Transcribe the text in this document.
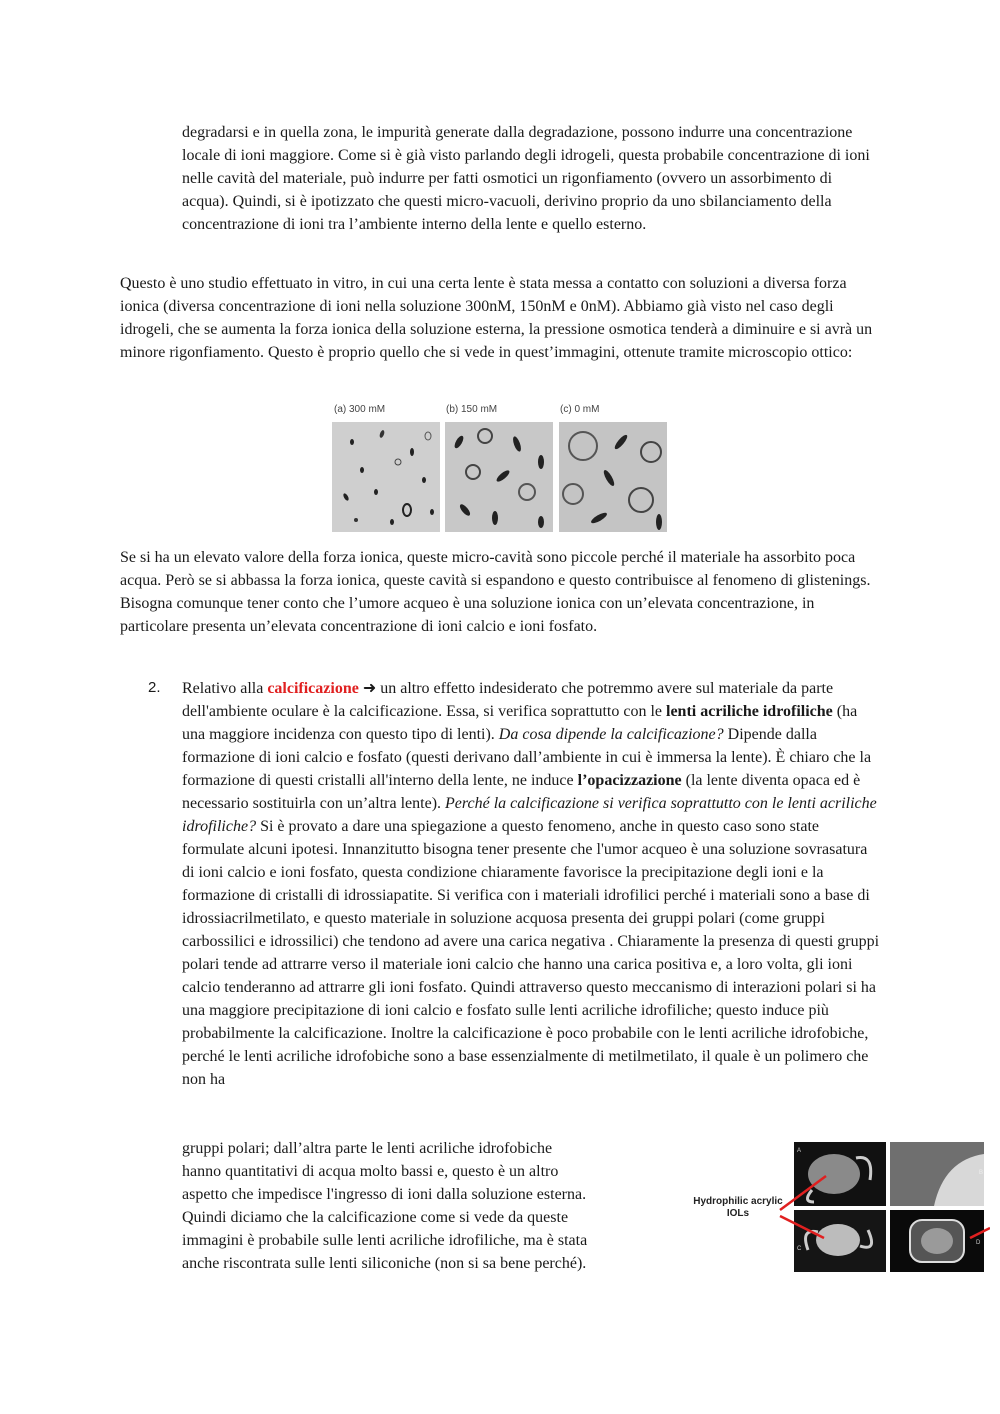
degradarsi e in quella zona, le impurità generate dalla degradazione, possono indurre una concentrazione locale di ioni maggiore. Come si è già visto parlando degli idrogeli, questa probabile concentrazione di ioni nelle cavità del materiale, può indurre per fatti osmotici un rigonfiamento (ovvero un assorbimento di acqua). Quindi, si è ipotizzato che questi micro-vacuoli, derivino proprio da uno sbilanciamento della concentrazione di ioni tra l’ambiente interno della lente e quello esterno.

Questo è uno studio effettuato in vitro, in cui una certa lente è stata messa a contatto con soluzioni a diversa forza ionica (diversa concentrazione di ioni nella soluzione 300nM, 150nM e 0nM). Abbiamo già visto nel caso degli idrogeli, che se aumenta la forza ionica della soluzione esterna, la pressione osmotica tenderà a diminuire e si avrà un minore rigonfiamento. Questo è proprio quello che si vede in quest’immagini, ottenute tramite microscopio ottico:

(a) 300 mM	(b) 150 mM	(c) 0 mM

Se si ha un elevato valore della forza ionica, queste micro-cavità sono piccole perché il materiale ha assorbito poca acqua. Però se si abbassa la forza ionica, queste cavità si espandono e questo contribuisce al fenomeno di glistenings. Bisogna comunque tener conto che l’umore acqueo è una soluzione ionica con un’elevata concentrazione, in particolare presenta un’elevata concentrazione di ioni calcio e ioni fosfato.

2. Relativo alla calcificazione ➜ un altro effetto indesiderato che potremmo avere sul materiale da parte dell'ambiente oculare è la calcificazione. Essa, si verifica soprattutto con le lenti acriliche idrofiliche (ha una maggiore incidenza con questo tipo di lenti). Da cosa dipende la calcificazione? Dipende dalla formazione di ioni calcio e fosfato (questi derivano dall’ambiente in cui è immersa la lente). È chiaro che la formazione di questi cristalli all'interno della lente, ne induce l’opacizzazione (la lente diventa opaca ed è necessario sostituirla con un’altra lente). Perché la calcificazione si verifica soprattutto con le lenti acriliche idrofiliche? Si è provato a dare una spiegazione a questo fenomeno, anche in questo caso sono state formulate alcuni ipotesi. Innanzitutto bisogna tener presente che l'umor acqueo è una soluzione sovrasatura di ioni calcio e ioni fosfato, questa condizione chiaramente favorisce la precipitazione degli ioni e la formazione di cristalli di idrossiapatite. Si verifica con i materiali idrofilici perché i materiali sono a base di idrossiacrilmetilato, e questo materiale in soluzione acquosa presenta dei gruppi polari (come gruppi carbossilici e idrossilici) che tendono ad avere una carica negativa . Chiaramente la presenza di questi gruppi polari tende ad attrarre verso il materiale ioni calcio che hanno una carica positiva e, a loro volta, gli ioni calcio tenderanno ad attrarre gli ioni fosfato. Quindi attraverso questo meccanismo di interazioni polari si ha una maggiore precipitazione di ioni calcio e fosfato sulle lenti acriliche idrofiliche; questo induce più probabilmente la calcificazione. Inoltre la calcificazione è poco probabile con le lenti acriliche idrofobiche, perché le lenti acriliche idrofobiche sono a base essenzialmente di metilmetilato, il quale è un polimero che non ha

gruppi polari; dall’altra parte le lenti acriliche idrofobiche
hanno quantitativi di acqua molto bassi e, questo è un altro
aspetto che impedisce l'ingresso di ioni dalla soluzione esterna.
Quindi diciamo che la calcificazione come si vede da queste
immagini è probabile sulle lenti acriliche idrofiliche, ma è stata
anche riscontrata sulle lenti siliconiche (non si sa bene perché).
Hydrophilic acrylic IOLs
A
B
C
D
